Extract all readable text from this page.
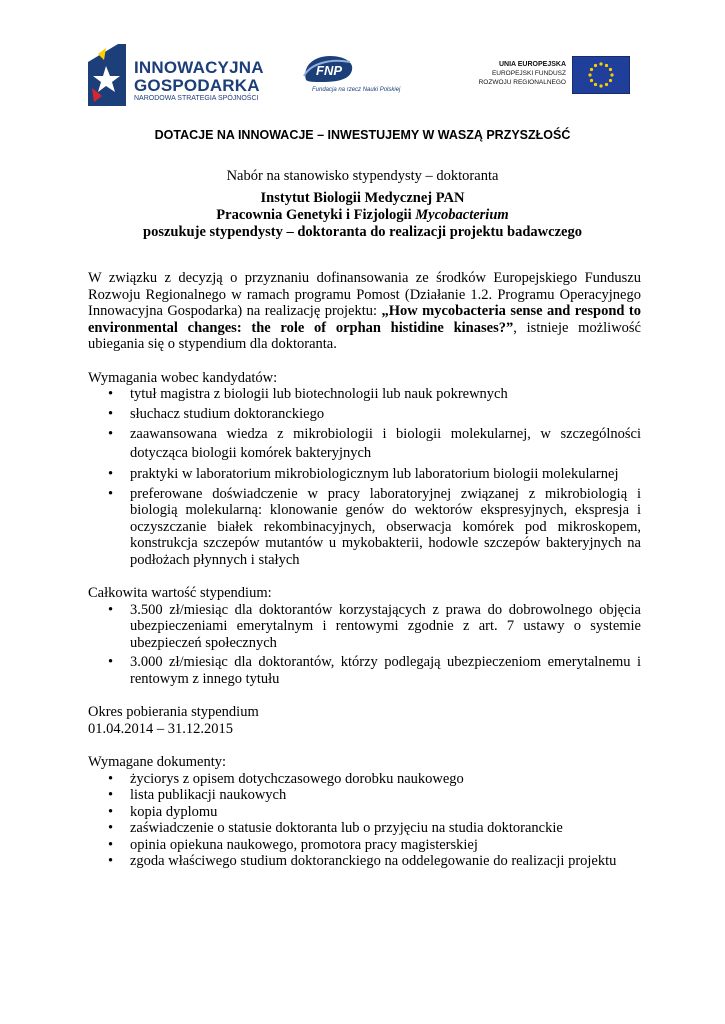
INNOWACYJNA
GOSPODARKA
NARODOWA STRATEGIA SPÓJNOŚCI
FNP
Fundacja na rzecz Nauki Polskiej
UNIA EUROPEJSKA
EUROPEJSKI FUNDUSZ
ROZWOJU REGIONALNEGO
DOTACJE NA INNOWACJE – INWESTUJEMY W WASZĄ PRZYSZŁOŚĆ
Nabór na stanowisko stypendysty – doktoranta
Instytut Biologii Medycznej PAN
Pracownia Genetyki i Fizjologii Mycobacterium
poszukuje stypendysty – doktoranta do realizacji projektu badawczego

W związku z decyzją o przyznaniu dofinansowania ze środków Europejskiego Funduszu Rozwoju Regionalnego w ramach programu Pomost (Działanie 1.2. Programu Operacyjnego Innowacyjna Gospodarka) na realizację projektu: „How mycobacteria sense and respond to environmental changes: the role of orphan histidine kinases?”, istnieje możliwość ubiegania się o stypendium dla doktoranta.

Wymagania wobec kandydatów:
• tytuł magistra z biologii lub biotechnologii lub nauk pokrewnych
• słuchacz studium doktoranckiego
• zaawansowana wiedza z mikrobiologii i biologii molekularnej, w szczególności dotycząca biologii komórek bakteryjnych
• praktyki w laboratorium mikrobiologicznym lub laboratorium biologii molekularnej
• preferowane doświadczenie w pracy laboratoryjnej związanej z mikrobiologią i biologią molekularną: klonowanie genów do wektorów ekspresyjnych, ekspresja i oczyszczanie białek rekombinacyjnych, obserwacja komórek pod mikroskopem, konstrukcja szczepów mutantów u mykobakterii, hodowle szczepów bakteryjnych na podłożach płynnych i stałych
Całkowita wartość stypendium:
• 3.500 zł/miesiąc dla doktorantów korzystających z prawa do dobrowolnego objęcia ubezpieczeniami emerytalnym i rentowymi zgodnie z art. 7 ustawy o systemie ubezpieczeń społecznych
• 3.000 zł/miesiąc dla doktorantów, którzy podlegają ubezpieczeniom emerytalnemu i rentowym z innego tytułu
Okres pobierania stypendium
01.04.2014 – 31.12.2015
Wymagane dokumenty:
• życiorys z opisem dotychczasowego dorobku naukowego
• lista publikacji naukowych
• kopia dyplomu
• zaświadczenie o statusie doktoranta lub o przyjęciu na studia doktoranckie
• opinia opiekuna naukowego, promotora pracy magisterskiej
• zgoda właściwego studium doktoranckiego na oddelegowanie do realizacji projektu
